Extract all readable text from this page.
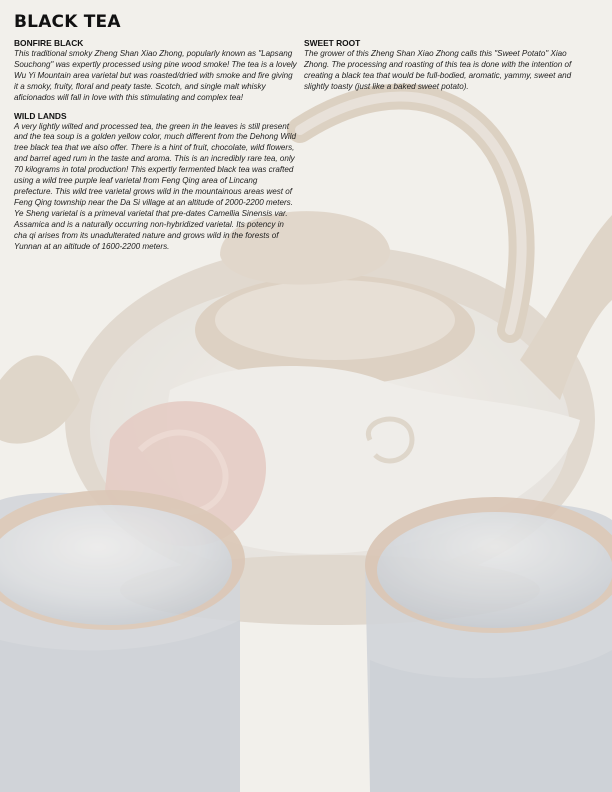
BLACK TEA

BONFIRE BLACK

This traditional smoky Zheng Shan Xiao Zhong, popularly known as "Lapsang Souchong" was expertly processed using pine wood smoke! The tea is a lovely Wu Yi Mountain area varietal but was roasted/dried with smoke and fire giving it a smoky, fruity, floral and peaty taste. Scotch, and single malt whisky aficionados will fall in love with this stimulating and complex tea!

WILD LANDS

A very lightly wilted and processed tea, the green in the leaves is still present and the tea soup is a golden yellow color, much different from the Dehong Wild tree black tea that we also offer. There is a hint of fruit, chocolate, wild flowers, and barrel aged rum in the taste and aroma. This is an incredibly rare tea, only 70 kilograms in total production! This expertly fermented black tea was crafted using a wild tree purple leaf varietal from Feng Qing area of Lincang prefecture. This wild tree varietal grows wild in the mountainous areas west of Feng Qing township near the Da Si village at an altitude of 2000-2200 meters. Ye Sheng varietal is a primeval varietal that pre-dates Camellia Sinensis var. Assamica and is a naturally occurring non-hybridized varietal. Its potency in cha qi arises from its unadulterated nature and grows wild in the forests of Yunnan at an altitude of 1600-2200 meters.

SWEET ROOT

The grower of this Zheng Shan Xiao Zhong calls this "Sweet Potato" Xiao Zhong. The processing and roasting of this tea is done with the intention of creating a black tea that would be full-bodied, aromatic, yammy, sweet and slightly toasty (just like a baked sweet potato).
